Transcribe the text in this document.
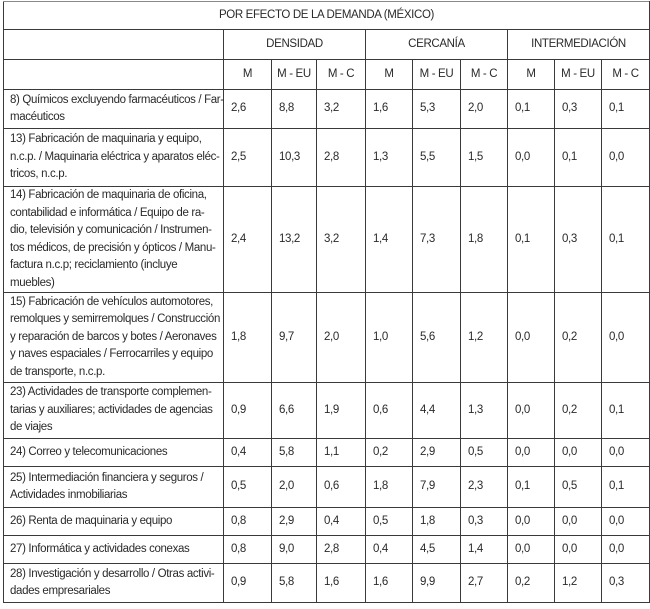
POR EFECTO DE LA DEMANDA (MÉXICO)									
	DENSIDAD			CERCANÍA			INTERMEDIACIÓN		
	M	M - EU	M - C	M	M - EU	M - C	M	M - EU	M - C

8) Químicos excluyendo farmacéuticos / Far-
macéuticos	2,6	8,8	3,2	1,6	5,3	2,0	0,1	0,3	0,1

13) Fabricación de maquinaria y equipo,
n.c.p. / Maquinaria eléctrica y aparatos eléc-
tricos, n.c.p.	2,5	10,3	2,8	1,3	5,5	1,5	0,0	0,1	0,0

14) Fabricación de maquinaria de oficina,
contabilidad e informática / Equipo de ra-
dio, televisión y comunicación / Instrumen-
tos médicos, de precisión y ópticos / Manu-
factura n.c.p; reciclamiento (incluye
muebles)
	2,4	13,2	3,2	1,4	7,3	1,8	0,1	0,3	0,1

15) Fabricación de vehículos automotores,
remolques y semirremolques / Construcción
y reparación de barcos y botes / Aeronaves
y naves espaciales / Ferrocarriles y equipo
de transporte, n.c.p.	1,8	9,7	2,0	1,0	5,6	1,2	0,0	0,2	0,0

23) Actividades de transporte complemen-
tarias y auxiliares; actividades de agencias
de viajes	0,9	6,6	1,9	0,6	4,4	1,3	0,0	0,2	0,1

24) Correo y telecomunicaciones	0,4	5,8	1,1	0,2	2,9	0,5	0,0	0,0	0,0

25) Intermediación financiera y seguros /
Actividades inmobiliarias	0,5	2,0	0,6	1,8	7,9	2,3	0,1	0,5	0,1

26) Renta de maquinaria y equipo	0,8	2,9	0,4	0,5	1,8	0,3	0,0	0,0	0,0

27) Informática y actividades conexas	0,8	9,0	2,8	0,4	4,5	1,4	0,0	0,0	0,0

28) Investigación y desarrollo / Otras activi-
dades empresariales	0,9	5,8	1,6	1,6	9,9	2,7	0,2	1,2	0,3
